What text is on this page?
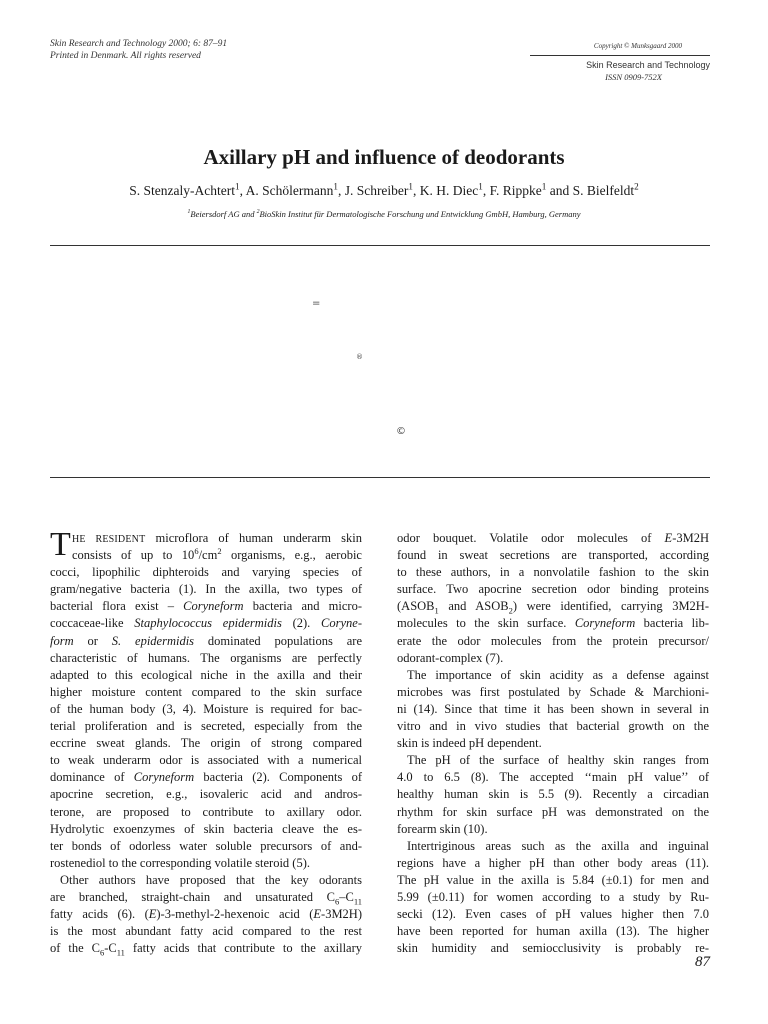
Skin Research and Technology 2000; 6: 87–91
Printed in Denmark. All rights reserved
Copyright © Munksgaard 2000
Skin Research and Technology
ISSN 0909-752X
Axillary pH and influence of deodorants
S. Stenzaly-Achtert$^1$, A. Schölermann$^1$, J. Schreiber$^1$, K. H. Diec$^1$, F. Rippke$^1$ and S. Bielfeldt$^2$
$^1$Beiersdorf AG and $^2$BioSkin Institut für Dermatologische Forschung und Entwicklung GmbH, Hamburg, Germany
=
®
©
T HE RESIDENT microflora of human underarm skin
consists of up to $10^6/cm^2$ organisms, e.g., aerobic
cocci, lipophilic diphteroids and varying species of
gram/negative bacteria (1). In the axilla, two types of
bacterial flora exist – Coryneform bacteria and micro-
coccaceae-like Staphylococcus epidermidis (2). Coryne-
form or S. epidermidis dominated populations are
characteristic of humans. The organisms are perfectly
adapted to this ecological niche in the axilla and their
higher moisture content compared to the skin surface
of the human body (3, 4). Moisture is required for bac-
terial proliferation and is secreted, especially from the
eccrine sweat glands. The origin of strong compared
to weak underarm odor is associated with a numerical
dominance of Coryneform bacteria (2). Components of
apocrine secretion, e.g., isovaleric acid and andros-
terone, are proposed to contribute to axillary odor.
Hydrolytic exoenzymes of skin bacteria cleave the es-
ter bonds of odorless water soluble precursors of and-
rostenediol to the corresponding volatile steroid (5).
Other authors have proposed that the key odorants
are branched, straight-chain and unsaturated $C_6-C_{11}$
fatty acids (6). (E)-3-methyl-2-hexenoic acid (E-3M2H)
is the most abundant fatty acid compared to the rest
of the $C_6-C_{11}$ fatty acids that contribute to the axillary
odor bouquet. Volatile odor molecules of E-3M2H
found in sweat secretions are transported, according
to these authors, in a nonvolatile fashion to the skin
surface. Two apocrine secretion odor binding proteins
($ASOB_1$ and $ASOB_2$) were identified, carrying 3M2H-
molecules to the skin surface. Coryneform bacteria lib-
erate the odor molecules from the protein precursor/
odorant-complex (7).
The importance of skin acidity as a defense against
microbes was first postulated by Schade & Marchioni-
ni (14). Since that time it has been shown in several in
vitro and in vivo studies that bacterial growth on the
skin is indeed pH dependent.
The pH of the surface of healthy skin ranges from
4.0 to 6.5 (8). The accepted ‘‘main pH value’’ of
healthy human skin is 5.5 (9). Recently a circadian
rhythm for skin surface pH was demonstrated on the
forearm skin (10).
Intertriginous areas such as the axilla and inguinal
regions have a higher pH than other body areas (11).
The pH value in the axilla is 5.84 (±0.1) for men and
5.99 (±0.11) for women according to a study by Ru-
secki (12). Even cases of pH values higher then 7.0
have been reported for human axilla (13). The higher
skin humidity and semiocclusivity is probably re-
87
